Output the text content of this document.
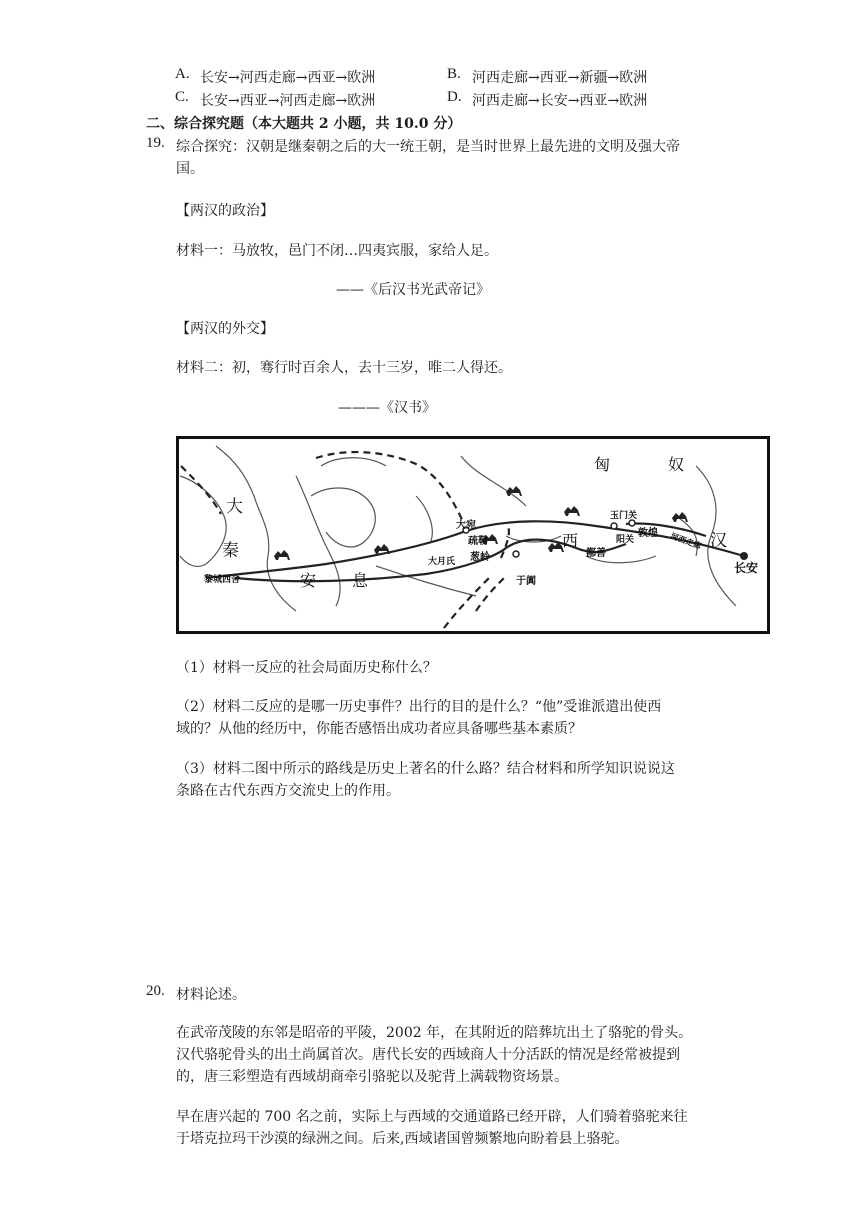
A. 长安→河西走廊→西亚→欧洲	B. 河西走廊→西亚→新疆→欧洲
C. 长安→西亚→河西走廊→欧洲	D. 河西走廊→长安→西亚→欧洲
二、综合探究题（本大题共 2 小题，共 10.0 分）
19. 综合探究：汉朝是继秦朝之后的大一统王朝，是当时世界上最先进的文明及强大帝
国。
【两汉的政治】
材料一：马放牧，邑门不闭…四夷宾服，家给人足。
——《后汉书光武帝记》
【两汉的外交】
材料二：初，骞行时百余人，去十三岁，唯二人得还。
———《汉书》
匈	奴
大
秦
安 息
西	汉
长安
大宛
疏勒
大月氏 葱岭
于阗
鄯善
敦煌
玉门关
阳关	河西走廊
黎城西舍
（1）材料一反应的社会局面历史称什么？
（2）材料二反应的是哪一历史事件？出行的目的是什么？“他”受谁派遣出使西
域的？从他的经历中，你能否感悟出成功者应具备哪些基本素质？
（3）材料二图中所示的路线是历史上著名的什么路？结合材料和所学知识说说这
条路在古代东西方交流史上的作用。
20. 材料论述。
在武帝茂陵的东邻是昭帝的平陵，2002 年，在其附近的陪葬坑出土了骆驼的骨头。
汉代骆驼骨头的出土尚属首次。唐代长安的西域商人十分活跃的情况是经常被提到
的，唐三彩塑造有西域胡商牵引骆驼以及驼背上满载物资场景。
早在唐兴起的 700 名之前，实际上与西域的交通道路已经开辟，人们骑着骆驼来往
于塔克拉玛干沙漠的绿洲之间。后来,西域诸国曾频繁地向盼着县上骆驼。
